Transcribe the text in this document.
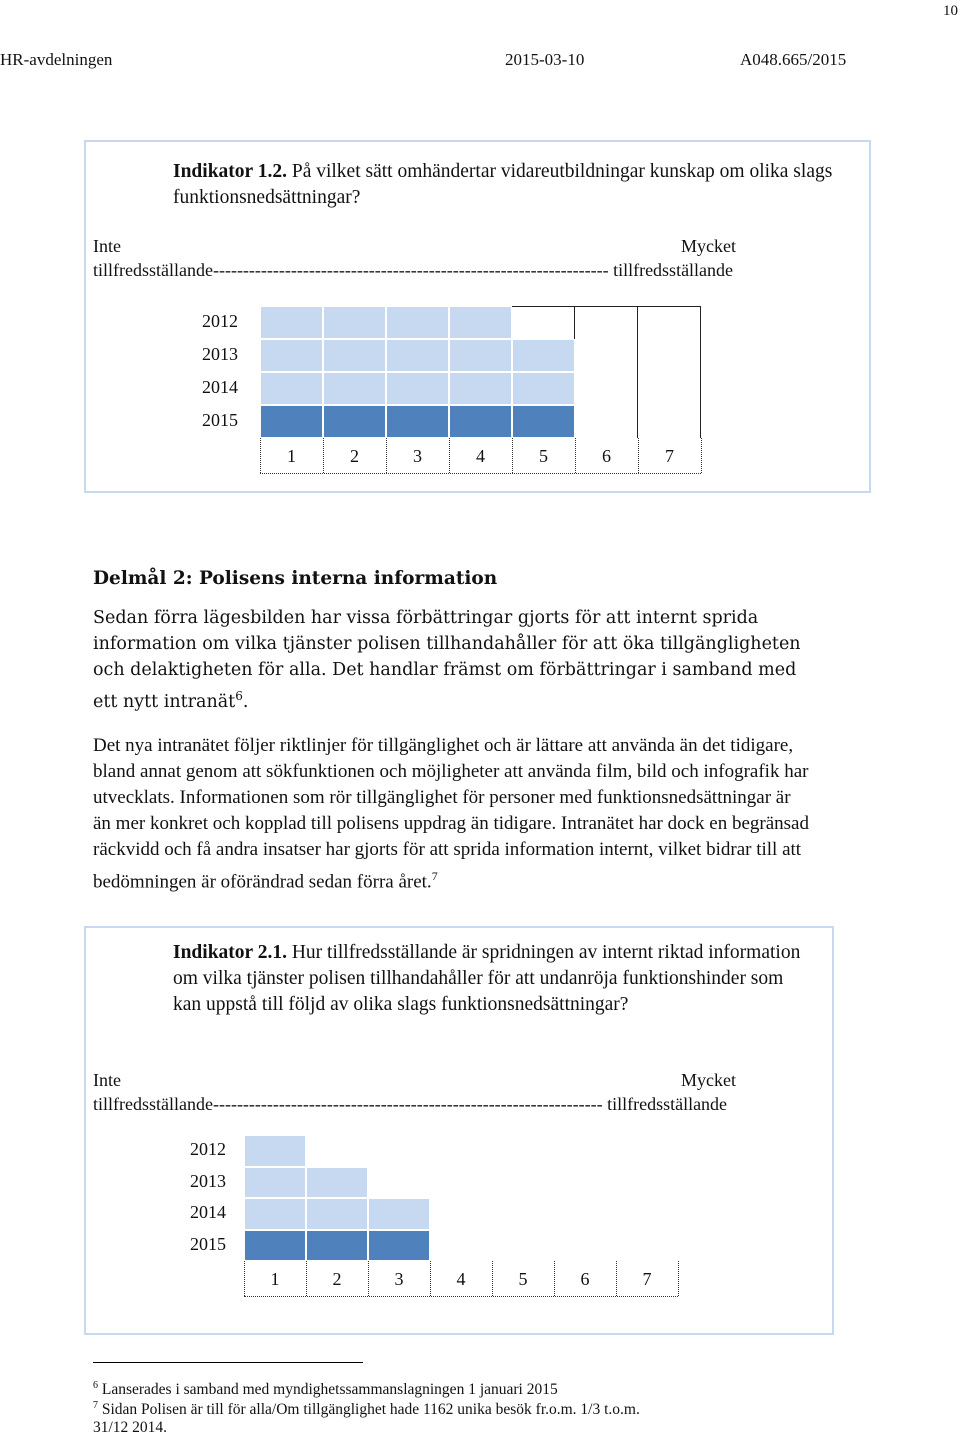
10
HR-avdelningen	2015-03-10	A048.665/2015
Indikator 1.2. På vilket sätt omhändertar vidareutbildningar kunskap om olika slags funktionsnedsättningar?
Inte	Mycket
tillfredsställande------------------------------------------------------------------ tillfredsställande
2012
2013
2014
2015
1	2	3	4	5	6	7
Delmål 2: Polisens interna information
Sedan förra lägesbilden har vissa förbättringar gjorts för att internt sprida information om vilka tjänster polisen tillhandahåller för att öka tillgängligheten och delaktigheten för alla. Det handlar främst om förbättringar i samband med ett nytt intranät$^6$.
Det nya intranätet följer riktlinjer för tillgänglighet och är lättare att använda än det tidigare, bland annat genom att sökfunktionen och möjligheter att använda film, bild och infografik har utvecklats. Informationen som rör tillgänglighet för personer med funktionsnedsättningar är än mer konkret och kopplad till polisens uppdrag än tidigare. Intranätet har dock en begränsad räckvidd och få andra insatser har gjorts för att sprida information internt, vilket bidrar till att bedömningen är oförändrad sedan förra året.$^7$
Indikator 2.1. Hur tillfredsställande är spridningen av internt riktad information om vilka tjänster polisen tillhandahåller för att undanröja funktionshinder som kan uppstå till följd av olika slags funktionsnedsättningar?
Inte	Mycket
tillfredsställande----------------------------------------------------------------- tillfredsställande
2012
2013
2014
2015
1	2	3	4	5	6	7
$^6$ Lanserades i samband med myndighetssammanslagningen 1 januari 2015
$^7$ Sidan Polisen är till för alla/Om tillgänglighet hade 1162 unika besök fr.o.m. 1/3 t.o.m.
31/12 2014.
